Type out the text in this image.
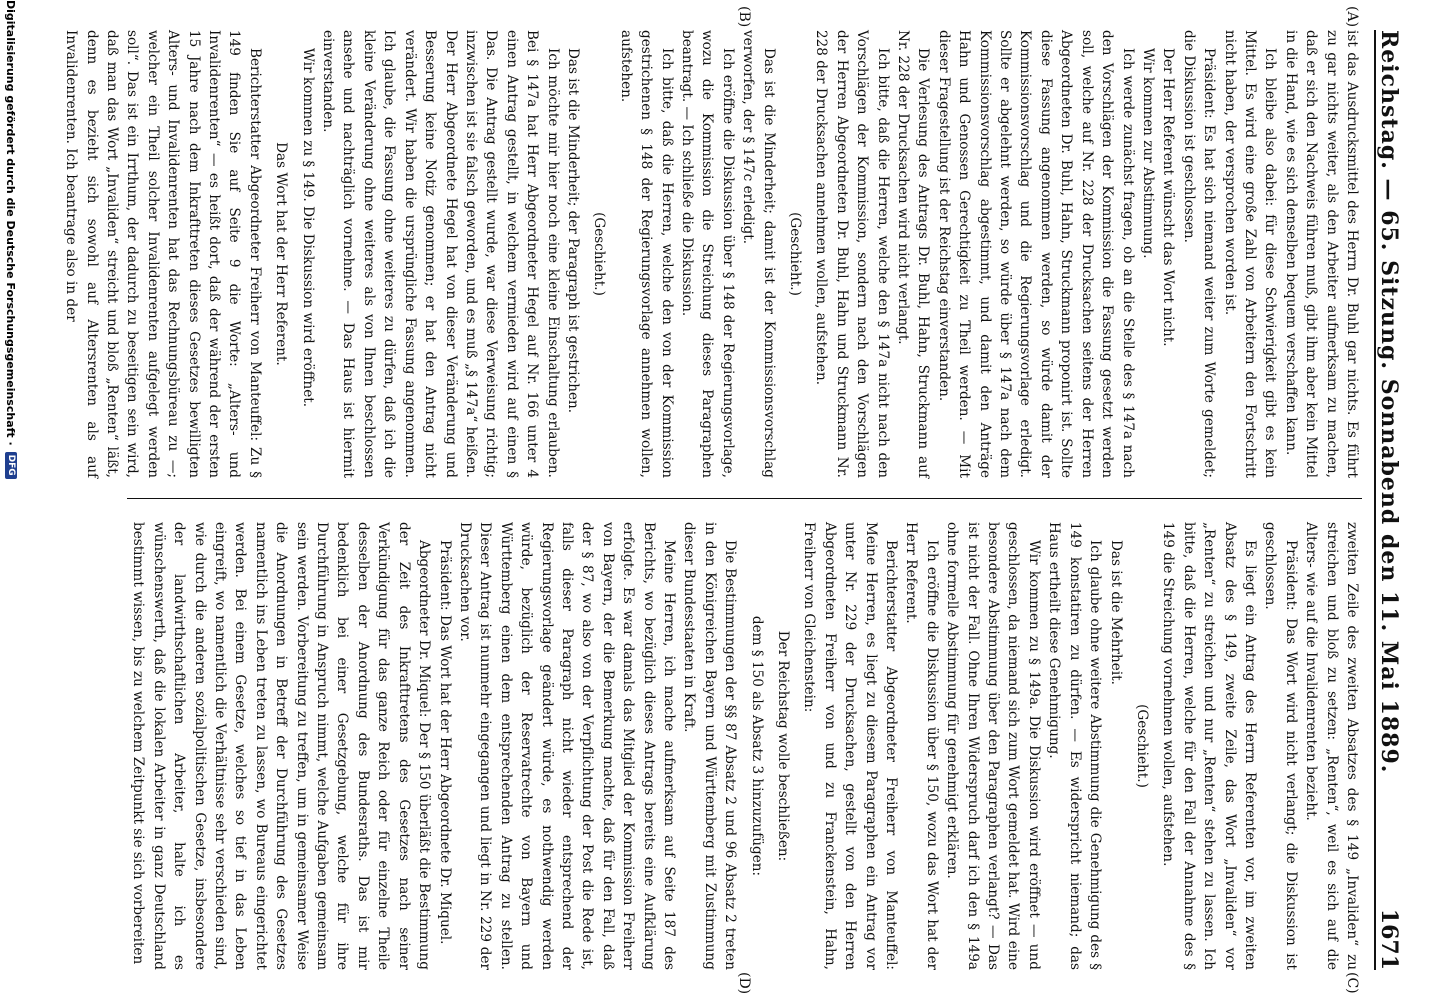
Reichstag. — 65. Sitzung. Sonnabend den 11. Mai 1889.
1671
(A)
(B)
(C)
(D)

ist das Ausdrucksmittel des Herrn Dr. Buhl gar nichts. Es führt zu gar nichts weiter, als den Arbeiter aufmerksam zu machen, daß er sich den Nachweis führen muß, gibt ihm aber kein Mittel in die Hand, wie es sich denselben bequem verschaffen kann.

Ich bleibe also dabei: für diese Schwierigkeit gibt es kein Mittel. Es wird eine große Zahl von Arbeitern den Fortschritt nicht haben, der versprochen worden ist.

Präsident: Es hat sich niemand weiter zum Worte gemeldet; die Diskussion ist geschlossen.

Der Herr Referent wünscht das Wort nicht.

Wir kommen zur Abstimmung.

Ich werde zunächst fragen, ob an die Stelle des § 147a nach den Vorschlägen der Kommission die Fassung gesetzt werden soll, welche auf Nr. 228 der Drucksachen seitens der Herren Abgeordneten Dr. Buhl, Hahn, Struckmann proponirt ist. Sollte diese Fassung angenommen werden, so würde damit der Kommissionsvorschlag und die Regierungsvorlage erledigt. Sollte er abgelehnt werden, so würde über § 147a nach dem Kommissionsvorschlag abgestimmt, und damit den Anträge Hahn und Genossen Gerechtigkeit zu Theil werden. — Mit dieser Fragestellung ist der Reichstag einverstanden.

Die Verlesung des Antrags Dr. Buhl, Hahn, Struckmann auf Nr. 228 der Drucksachen wird nicht verlangt.

Ich bitte, daß die Herren, welche den § 147a nicht nach den Vorschlägen der Kommission, sondern nach den Vorschlägen der Herren Abgeordneten Dr. Buhl, Hahn und Struckmann Nr. 228 der Drucksachen annehmen wollen, aufstehen.

(Geschieht.)

Das ist die Minderheit; damit ist der Kommissionsvorschlag verworfen, der § 147c erledigt.

Ich eröffne die Diskussion über § 148 der Regierungsvorlage, wozu die Kommission die Streichung dieses Paragraphen beantragt. — Ich schließe die Diskussion.

Ich bitte, daß die Herren, welche den von der Kommission gestrichenen § 148 der Regierungsvorlage annehmen wollen, aufstehen.

(Geschieht.)

Das ist die Minderheit; der Paragraph ist gestrichen.

Ich möchte mir hier noch eine kleine Einschaltung erlauben. Bei § 147a hat Herr Abgeordneter Hegel auf Nr. 166 unter 4 einen Antrag gestellt, in welchem vermieden wird auf einen § Das. Die Antrag gestellt wurde, war diese Verweisung richtig; inzwischen ist sie falsch geworden, und es muß „§ 147a“ heißen. Der Herr Abgeordnete Hegel hat von dieser Veränderung und Besserung keine Notiz genommen; er hat den Antrag nicht verändert. Wir haben die ursprüngliche Fassung angenommen. Ich glaube, die Fassung ohne weiteres zu dürfen, daß ich die kleine Veränderung ohne weiteres als von Ihnen beschlossen ansehe und nachträglich vornehme. — Das Haus ist hiermit einverstanden.

Wir kommen zu § 149. Die Diskussion wird eröffnet.

Das Wort hat der Herr Referent.

Berichterstatter Abgeordneter Freiherr von Manteuffel: Zu § 149 finden Sie auf Seite 9 die Worte: „Alters- und Invalidenrenten“ — es heißt dort, daß der während der ersten 15 Jahre nach dem Inkrafttreten dieses Gesetzes bewilligten Alters- und Invalidenrenten hat das Rechnungsbüreau zu —; welcher ein Theil solcher Invalidenrenten aufgelegt werden soll“. Das ist ein Irrthum, der dadurch zu beseitigen sein wird, daß man das Wort „Invaliden“ streicht und bloß „Renten“ läßt, denn es bezieht sich sowohl auf Altersrenten als auf Invalidenrenten. Ich beantrage also in der

zweiten Zeile des zweiten Absatzes des § 149 „Invaliden“ zu streichen und bloß zu setzen: „Renten“, weil es sich auf die Alters- wie auf die Invalidenrenten bezieht.

Präsident: Das Wort wird nicht verlangt; die Diskussion ist geschlossen.

Es liegt ein Antrag des Herrn Referenten vor, im zweiten Absatz des § 149, zweite Zeile, das Wort „Invaliden“ vor „Renten“ zu streichen und nur „Renten“ stehen zu lassen. Ich bitte, daß die Herren, welche für den Fall der Annahme des § 149 die Streichung vornehmen wollen, aufstehen.

(Geschieht.)

Das ist die Mehrheit.

Ich glaube ohne weitere Abstimmung die Genehmigung des § 149 konstatiren zu dürfen. — Es widerspricht niemand; das Haus ertheilt diese Genehmigung.

Wir kommen zu § 149a. Die Diskussion wird eröffnet — und geschlossen, da niemand sich zum Wort gemeldet hat. Wird eine besondere Abstimmung über den Paragraphen verlangt? — Das ist nicht der Fall. Ohne Ihren Widerspruch darf ich den § 149a ohne formelle Abstimmung für genehmigt erklären.

Ich eröffne die Diskussion über § 150, wozu das Wort hat der Herr Referent.

Berichterstatter Abgeordneter Freiherr von Manteuffel: Meine Herren, es liegt zu diesem Paragraphen ein Antrag vor unter Nr. 229 der Drucksachen, gestellt von den Herren Abgeordneten Freiherr von und zu Franckenstein, Hahn, Freiherr von Gleichenstein:

Der Reichstag wolle beschließen:

dem § 150 als Absatz 3 hinzuzufügen:

Die Bestimmungen der §§ 87 Absatz 2 und 96 Absatz 2 treten in den Königreichen Bayern und Württemberg mit Zustimmung dieser Bundesstaaten in Kraft.

Meine Herren, ich mache aufmerksam auf Seite 187 des Berichts, wo bezüglich dieses Antrags bereits eine Aufklärung erfolgte. Es war damals das Mitglied der Kommission Freiherr von Bayern, der die Bemerkung machte, daß für den Fall, daß der § 87, wo also von der Verpflichtung der Post die Rede ist, falls dieser Paragraph nicht wieder entsprechend der Regierungsvorlage geändert würde, es nothwendig werden würde, bezüglich der Reservatrechte von Bayern und Württemberg einen dem entsprechenden Antrag zu stellen. Dieser Antrag ist nunmehr eingegangen und liegt in Nr. 229 der Drucksachen vor.

Präsident: Das Wort hat der Herr Abgeordnete Dr. Miquel.

Abgeordneter Dr. Miquel: Der § 150 überläßt die Bestimmung der Zeit des Inkrafttretens des Gesetzes nach seiner Verkündigung für das ganze Reich oder für einzelne Theile desselben der Anordnung des Bundesraths. Das ist mir bedenklich bei einer Gesetzgebung, welche für ihre Durchführung in Anspruch nimmt, welche Aufgaben gemeinsam sein werden. Vorbereitung zu treffen, um in gemeinsamer Weise die Anordnungen in Betreff der Durchführung des Gesetzes namentlich ins Leben treten zu lassen, wo Bureaus eingerichtet werden. Bei einem Gesetze, welches so tief in das Leben eingreift, wo namentlich die Verhältnisse sehr verschieden sind, wie durch die anderen sozialpolitischen Gesetze, insbesondere der landwirthschaftlichen Arbeiter, halte ich es wünschenswerth, daß die lokalen Arbeiter in ganz Deutschland bestimmt wissen, bis zu welchem Zeitpunkt sie sich vorbereiten

Digitalisierung gefördert durch die Deutsche Forschungsgemeinschaft ·
DFG
